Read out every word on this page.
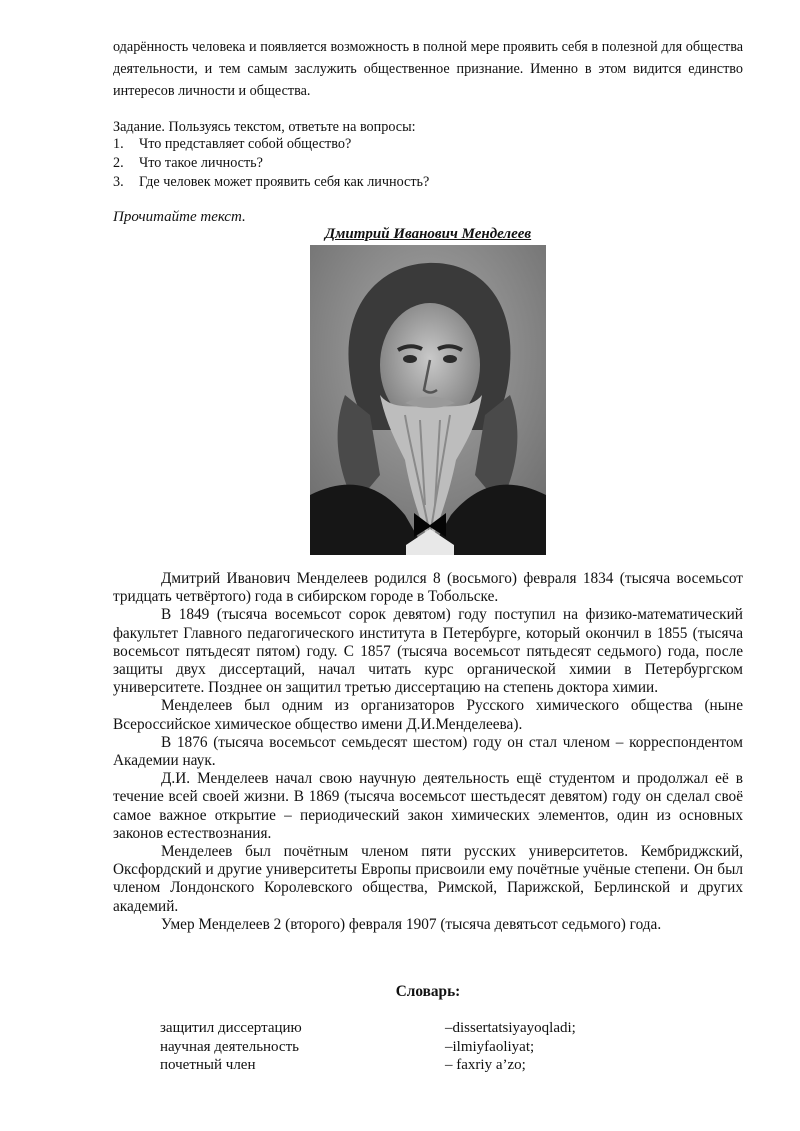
одарённость человека и появляется возможность в полной мере проявить себя в полезной для общества деятельности, и тем самым заслужить общественное признание. Именно в этом видится единство интересов личности и общества.
Задание. Пользуясь текстом, ответьте на вопросы:
1.	Что представляет собой общество?
2.	Что такое личность?
3.	Где человек может проявить себя как личность?
Прочитайте текст.
Дмитрий Иванович Менделеев

Дмитрий Иванович Менделеев родился 8 (восьмого) февраля 1834 (тысяча восемьсот тридцать четвёртого) года в сибирском городе в Тобольске.

В 1849 (тысяча восемьсот сорок девятом) году поступил на физико-математический факультет Главного педагогического института в Петербурге, который окончил в 1855 (тысяча восемьсот пятьдесят пятом) году. С 1857 (тысяча восемьсот пятьдесят седьмого) года, после защиты двух диссертаций, начал читать курс органической химии в Петербургском университете. Позднее он защитил третью диссертацию на степень доктора химии.

Менделеев был одним из организаторов Русского химического общества (ныне Всероссийское химическое общество имени Д.И.Менделеева).

В 1876 (тысяча восемьсот семьдесят шестом) году он стал членом – корреспондентом Академии наук.

Д.И. Менделеев начал свою научную деятельность ещё студентом и продолжал её в течение всей своей жизни. В 1869 (тысяча восемьсот шестьдесят девятом) году он сделал своё самое важное открытие – периодический закон химических элементов, один из основных законов естествознания.

Менделеев был почётным членом пяти русских университетов. Кембриджский, Оксфордский и другие университеты Европы присвоили ему почётные учёные степени. Он был членом Лондонского Королевского общества, Римской, Парижской, Берлинской и других академий.

Умер Менделеев 2 (второго) февраля 1907 (тысяча девятьсот седьмого) года.

Словарь:
защитил диссертацию	–dissertatsiyayoqladi;
научная деятельность	–ilmiyfaoliyat;
почетный член	– faxriy a’zo;
